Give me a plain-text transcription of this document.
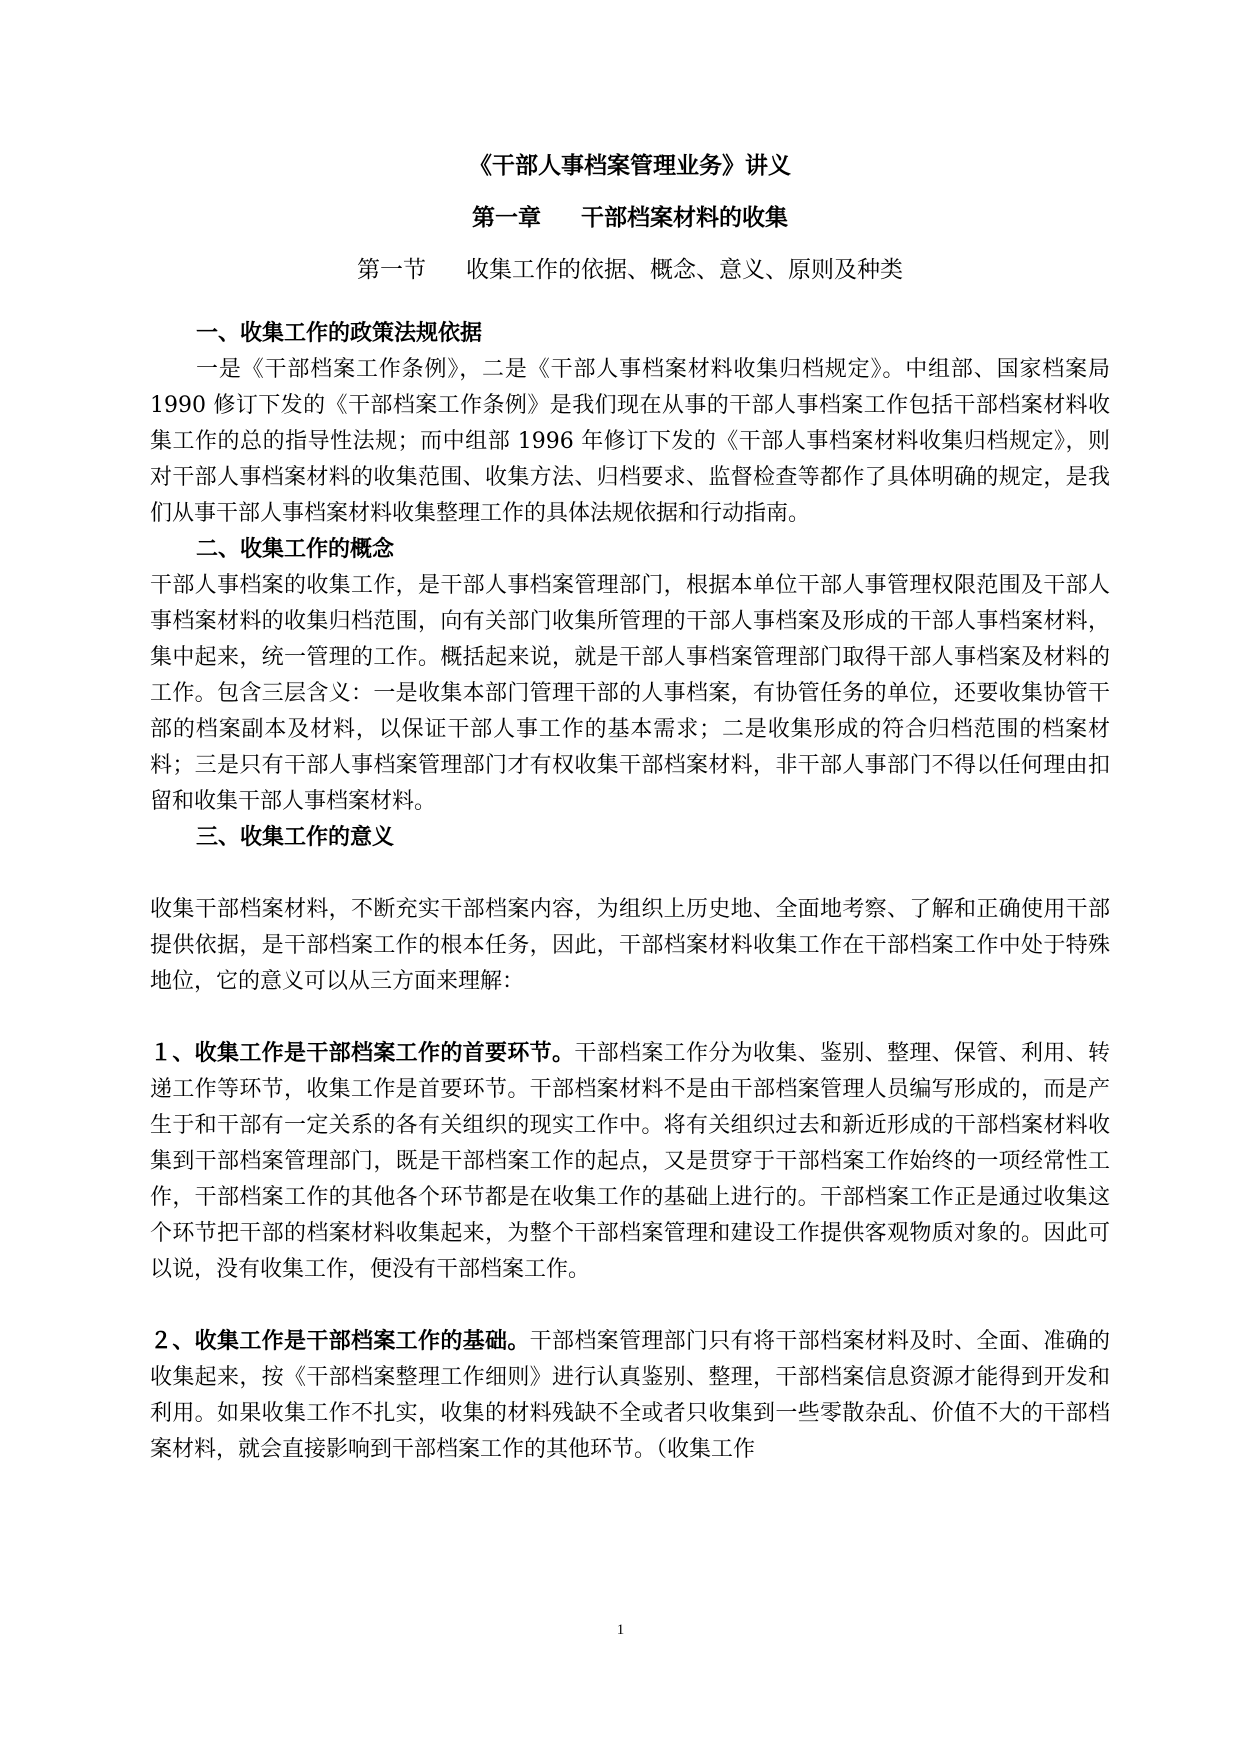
《干部人事档案管理业务》讲义

第一章 干部档案材料的收集

第一节 收集工作的依据、概念、意义、原则及种类

一、收集工作的政策法规依据

一是《干部档案工作条例》，二是《干部人事档案材料收集归档规定》。中组部、国家档案局 1990 修订下发的《干部档案工作条例》是我们现在从事的干部人事档案工作包括干部档案材料收集工作的总的指导性法规；而中组部 1996 年修订下发的《干部人事档案材料收集归档规定》，则对干部人事档案材料的收集范围、收集方法、归档要求、监督检查等都作了具体明确的规定，是我们从事干部人事档案材料收集整理工作的具体法规依据和行动指南。

二、收集工作的概念

干部人事档案的收集工作，是干部人事档案管理部门，根据本单位干部人事管理权限范围及干部人事档案材料的收集归档范围，向有关部门收集所管理的干部人事档案及形成的干部人事档案材料，集中起来，统一管理的工作。概括起来说，就是干部人事档案管理部门取得干部人事档案及材料的工作。包含三层含义：一是收集本部门管理干部的人事档案，有协管任务的单位，还要收集协管干部的档案副本及材料，以保证干部人事工作的基本需求；二是收集形成的符合归档范围的档案材料；三是只有干部人事档案管理部门才有权收集干部档案材料，非干部人事部门不得以任何理由扣留和收集干部人事档案材料。

三、收集工作的意义

收集干部档案材料，不断充实干部档案内容，为组织上历史地、全面地考察、了解和正确使用干部提供依据，是干部档案工作的根本任务，因此，干部档案材料收集工作在干部档案工作中处于特殊地位，它的意义可以从三方面来理解：

１、收集工作是干部档案工作的首要环节。干部档案工作分为收集、鉴别、整理、保管、利用、转递工作等环节，收集工作是首要环节。干部档案材料不是由干部档案管理人员编写形成的，而是产生于和干部有一定关系的各有关组织的现实工作中。将有关组织过去和新近形成的干部档案材料收集到干部档案管理部门，既是干部档案工作的起点，又是贯穿于干部档案工作始终的一项经常性工作，干部档案工作的其他各个环节都是在收集工作的基础上进行的。干部档案工作正是通过收集这个环节把干部的档案材料收集起来，为整个干部档案管理和建设工作提供客观物质对象的。因此可以说，没有收集工作，便没有干部档案工作。

２、收集工作是干部档案工作的基础。干部档案管理部门只有将干部档案材料及时、全面、准确的收集起来，按《干部档案整理工作细则》进行认真鉴别、整理，干部档案信息资源才能得到开发和利用。如果收集工作不扎实，收集的材料残缺不全或者只收集到一些零散杂乱、价值不大的干部档案材料，就会直接影响到干部档案工作的其他环节。（收集工作

1
